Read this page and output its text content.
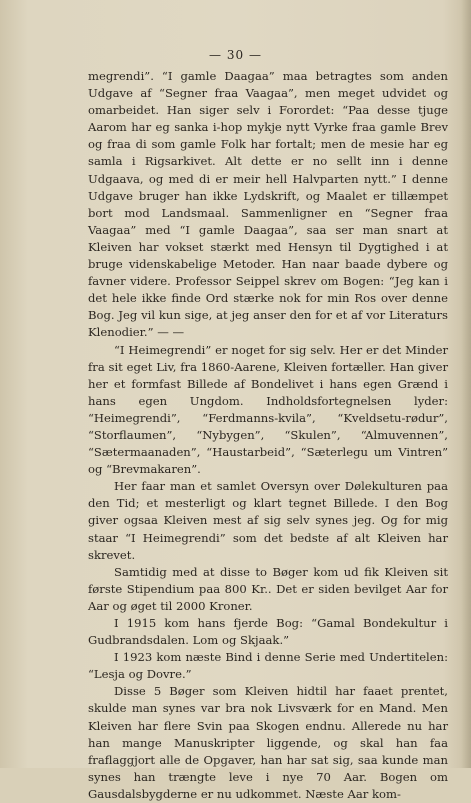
— 30 —

megrendi”. “I gamle Daagaa” maa betragtes som anden Udgave af “Segner fraa Vaagaa”, men meget udvidet og omarbeidet. Han siger selv i Forordet: “Paa desse tjuge Aarom har eg sanka i-hop mykje nytt Vyrke fraa gamle Brev og fraa di som gamle Folk har fortalt; men de mesie har eg samla i Rigsarkivet. Alt dette er no sellt inn i denne Udgaava, og med di er meir hell Halvparten nytt.” I denne Udgave bruger han ikke Lydskrift, og Maalet er tillæmpet bort mod Landsmaal. Sammenligner en “Segner fraa Vaagaa” med “I gamle Daagaa”, saa ser man snart at Kleiven har vokset stærkt med Hensyn til Dygtighed i at bruge videnskabelige Metoder. Han naar baade dybere og favner videre. Professor Seippel skrev om Bogen: “Jeg kan i det hele ikke finde Ord stærke nok for min Ros over denne Bog. Jeg vil kun sige, at jeg anser den for et af vor Literaturs Klenodier.” — —

“I Heimegrendi” er noget for sig selv. Her er det Minder fra sit eget Liv, fra 1860-Aarene, Kleiven fortæller. Han giver her et formfast Billede af Bondelivet i hans egen Grænd i hans egen Ungdom. Indholdsfortegnelsen lyder: “Heimegrendi”, “Ferdmanns-kvila”, “Kveldsetu-rødur”, “Storflaumen”, “Nybygen”, “Skulen”, “Almuvennen”, “Sætermaanaden”, “Haustarbeid”, “Sæterlegu um Vintren” og “Brevmakaren”.

Her faar man et samlet Oversyn over Dølekulturen paa den Tid; et mesterligt og klart tegnet Billede. I den Bog giver ogsaa Kleiven mest af sig selv synes jeg. Og for mig staar “I Heimegrendi” som det bedste af alt Kleiven har skrevet.

Samtidig med at disse to Bøger kom ud fik Kleiven sit første Stipendium paa 800 Kr.. Det er siden bevilget Aar for Aar og øget til 2000 Kroner.

I 1915 kom hans fjerde Bog: “Gamal Bondekultur i Gudbrandsdalen. Lom og Skjaak.”

I 1923 kom næste Bind i denne Serie med Undertitelen: “Lesja og Dovre.”

Disse 5 Bøger som Kleiven hidtil har faaet prentet, skulde man synes var bra nok Livsværk for en Mand. Men Kleiven har flere Svin paa Skogen endnu. Allerede nu har han mange Manuskripter liggende, og skal han faa fraflaggjort alle de Opgaver, han har sat sig, saa kunde man synes han trængte leve i nye 70 Aar. Bogen om Gausdalsbygderne er nu udkommet. Næste Aar kom-
